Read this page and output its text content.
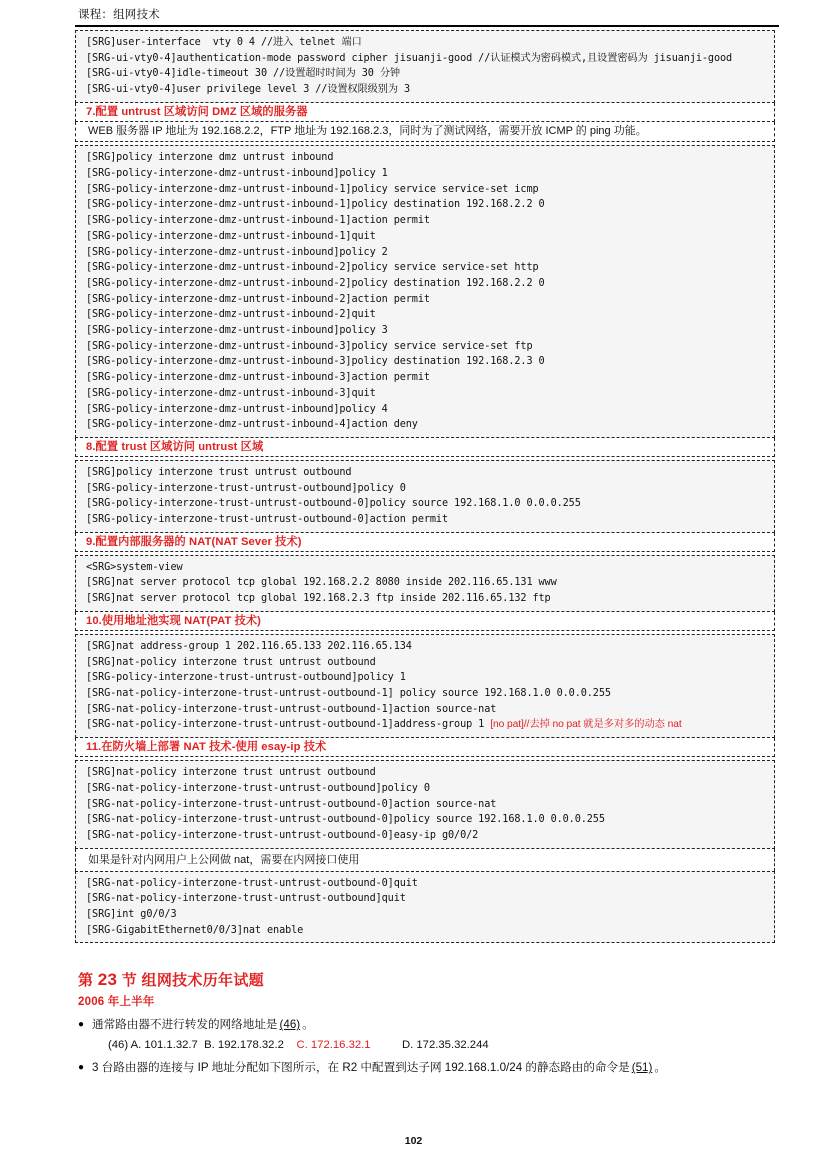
课程：组网技术
[SRG]user-interface  vty 0 4 //进入 telnet 端口
[SRG-ui-vty0-4]authentication-mode password cipher jisuanji-good //认证模式为密码模式,且设置密码为 jisuanji-good
[SRG-ui-vty0-4]idle-timeout 30 //设置超时时间为 30 分钟
[SRG-ui-vty0-4]user privilege level 3 //设置权限级别为 3
7.配置 untrust 区域访问 DMZ 区域的服务器
WEB 服务器 IP 地址为 192.168.2.2，FTP 地址为 192.168.2.3，同时为了测试网络，需要开放 ICMP 的 ping 功能。
[SRG]policy interzone dmz untrust inbound
[SRG-policy-interzone-dmz-untrust-inbound]policy 1
[SRG-policy-interzone-dmz-untrust-inbound-1]policy service service-set icmp
[SRG-policy-interzone-dmz-untrust-inbound-1]policy destination 192.168.2.2 0
[SRG-policy-interzone-dmz-untrust-inbound-1]action permit
[SRG-policy-interzone-dmz-untrust-inbound-1]quit
[SRG-policy-interzone-dmz-untrust-inbound]policy 2
[SRG-policy-interzone-dmz-untrust-inbound-2]policy service service-set http
[SRG-policy-interzone-dmz-untrust-inbound-2]policy destination 192.168.2.2 0
[SRG-policy-interzone-dmz-untrust-inbound-2]action permit
[SRG-policy-interzone-dmz-untrust-inbound-2]quit
[SRG-policy-interzone-dmz-untrust-inbound]policy 3
[SRG-policy-interzone-dmz-untrust-inbound-3]policy service service-set ftp
[SRG-policy-interzone-dmz-untrust-inbound-3]policy destination 192.168.2.3 0
[SRG-policy-interzone-dmz-untrust-inbound-3]action permit
[SRG-policy-interzone-dmz-untrust-inbound-3]quit
[SRG-policy-interzone-dmz-untrust-inbound]policy 4
[SRG-policy-interzone-dmz-untrust-inbound-4]action deny
8.配置 trust 区域访问 untrust 区域
[SRG]policy interzone trust untrust outbound
[SRG-policy-interzone-trust-untrust-outbound]policy 0
[SRG-policy-interzone-trust-untrust-outbound-0]policy source 192.168.1.0 0.0.0.255
[SRG-policy-interzone-trust-untrust-outbound-0]action permit
9.配置内部服务器的 NAT(NAT Sever 技术)
<SRG>system-view
[SRG]nat server protocol tcp global 192.168.2.2 8080 inside 202.116.65.131 www
[SRG]nat server protocol tcp global 192.168.2.3 ftp inside 202.116.65.132 ftp
10.使用地址池实现 NAT(PAT 技术)
[SRG]nat address-group 1 202.116.65.133 202.116.65.134
[SRG]nat-policy interzone trust untrust outbound
[SRG-policy-interzone-trust-untrust-outbound]policy 1
[SRG-nat-policy-interzone-trust-untrust-outbound-1] policy source 192.168.1.0 0.0.0.255
[SRG-nat-policy-interzone-trust-untrust-outbound-1]action source-nat
[SRG-nat-policy-interzone-trust-untrust-outbound-1]address-group 1 [no pat]//去掉 no pat 就是多对多的动态 nat
11.在防火墙上部署 NAT 技术-使用 esay-ip 技术
[SRG]nat-policy interzone trust untrust outbound
[SRG-nat-policy-interzone-trust-untrust-outbound]policy 0
[SRG-nat-policy-interzone-trust-untrust-outbound-0]action source-nat
[SRG-nat-policy-interzone-trust-untrust-outbound-0]policy source 192.168.1.0 0.0.0.255
[SRG-nat-policy-interzone-trust-untrust-outbound-0]easy-ip g0/0/2
如果是针对内网用户上公网做 nat，需要在内网接口使用
[SRG-nat-policy-interzone-trust-untrust-outbound-0]quit
[SRG-nat-policy-interzone-trust-untrust-outbound]quit
[SRG]int g0/0/3
[SRG-GigabitEthernet0/0/3]nat enable
第 23 节 组网技术历年试题
2006 年上半年
● 通常路由器不进行转发的网络地址是 (46) 。
(46) A. 101.1.32.7 B. 192.178.32.2 C. 172.16.32.1	D. 172.35.32.244
● 3 台路由器的连接与 IP 地址分配如下图所示，在 R2 中配置到达子网 192.168.1.0/24 的静态路由的命令是 (51) 。
102
